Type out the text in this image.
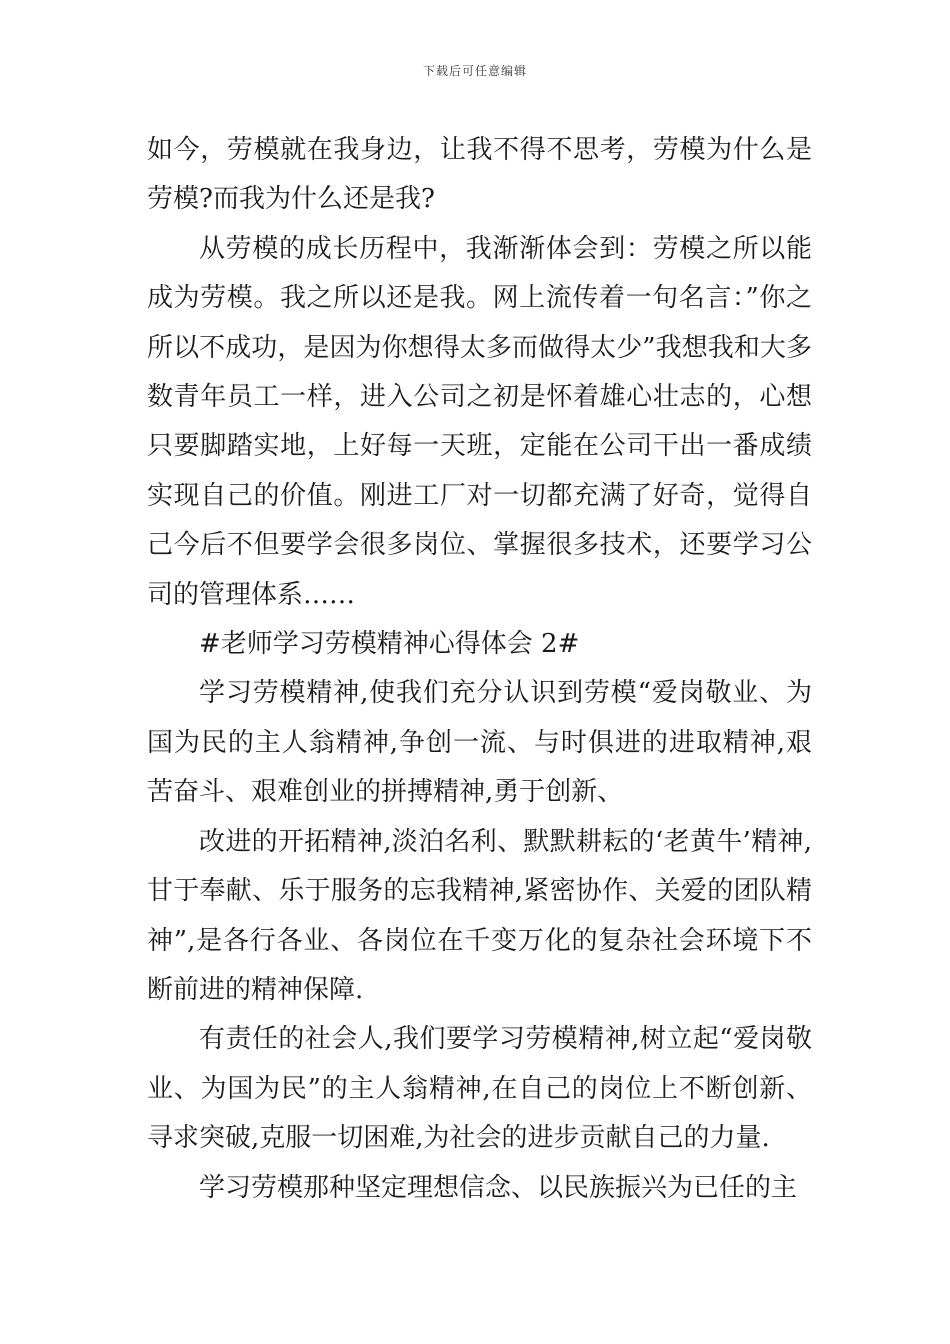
下载后可任意编辑

如今，劳模就在我身边，让我不得不思考，劳模为什么是劳模?而我为什么还是我?

从劳模的成长历程中，我渐渐体会到：劳模之所以能成为劳模。我之所以还是我。网上流传着一句名言：”你之所以不成功，是因为你想得太多而做得太少”我想我和大多数青年员工一样，进入公司之初是怀着雄心壮志的，心想只要脚踏实地，上好每一天班，定能在公司干出一番成绩实现自己的价值。刚进工厂对一切都充满了好奇，觉得自己今后不但要学会很多岗位、掌握很多技术，还要学习公司的管理体系……

#老师学习劳模精神心得体会 2#

学习劳模精神,使我们充分认识到劳模“爱岗敬业、为国为民的主人翁精神,争创一流、与时俱进的进取精神,艰苦奋斗、艰难创业的拼搏精神,勇于创新、

改进的开拓精神,淡泊名利、默默耕耘的‘老黄牛’精神,甘于奉献、乐于服务的忘我精神,紧密协作、关爱的团队精神”,是各行各业、各岗位在千变万化的复杂社会环境下不断前进的精神保障.

有责任的社会人,我们要学习劳模精神,树立起“爱岗敬业、为国为民”的主人翁精神,在自己的岗位上不断创新、寻求突破,克服一切困难,为社会的进步贡献自己的力量.

学习劳模那种坚定理想信念、以民族振兴为已任的主
